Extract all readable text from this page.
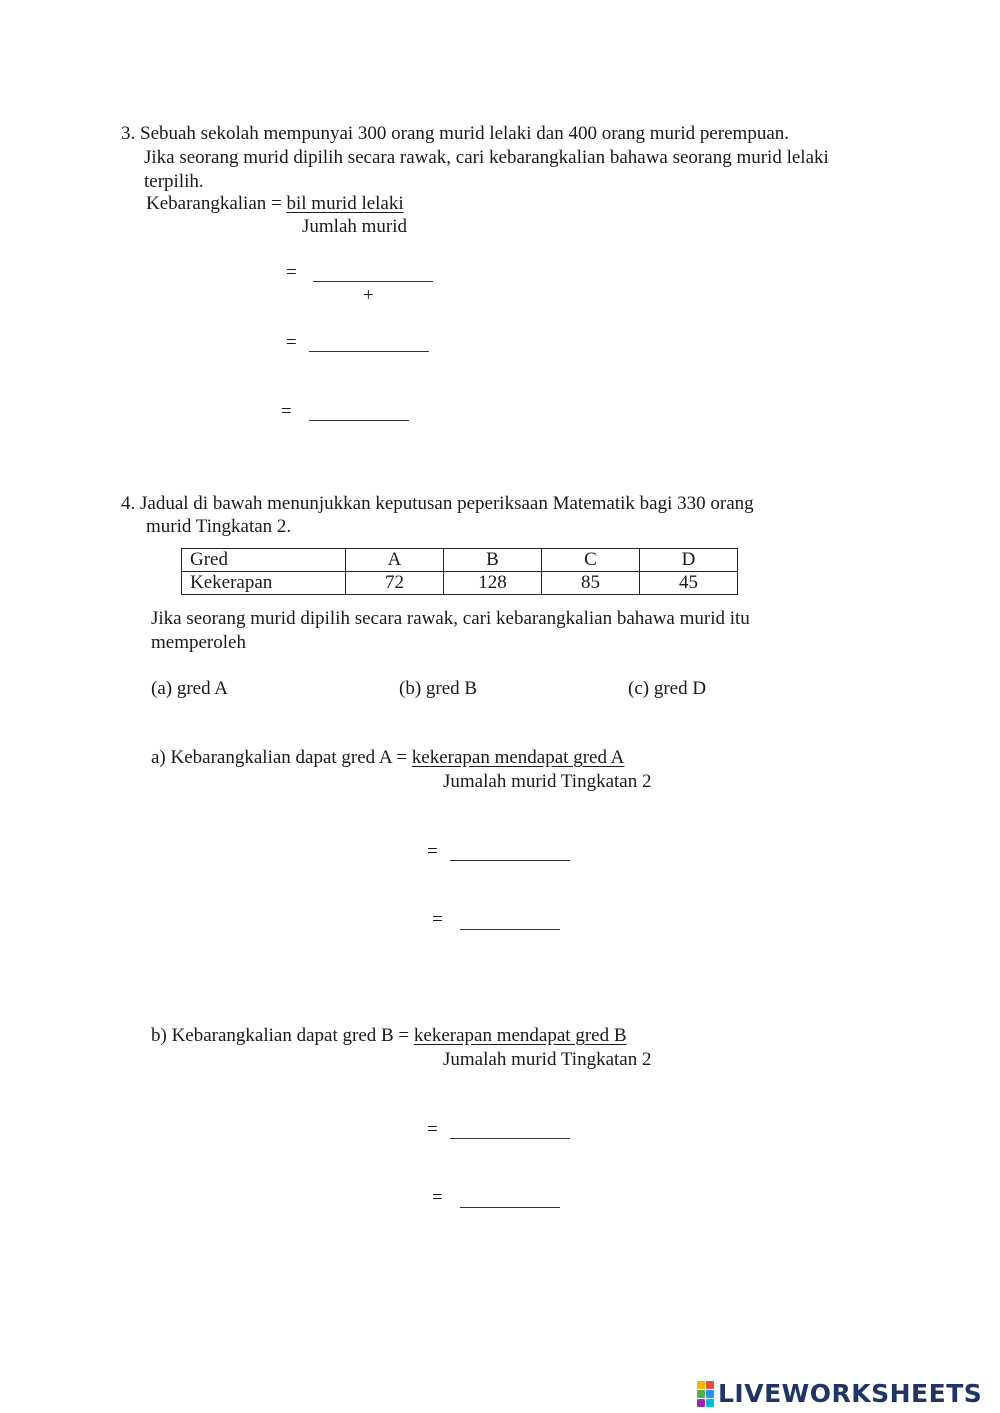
3. Sebuah sekolah mempunyai 300 orang murid lelaki dan 400 orang murid perempuan.
Jika seorang murid dipilih secara rawak, cari kebarangkalian bahawa seorang murid lelaki
terpilih.
Kebarangkalian = bil murid lelaki
Jumlah murid
=
+
=
=
4. Jadual di bawah menunjukkan keputusan peperiksaan Matematik bagi 330 orang
murid Tingkatan 2.
Gred	A	B	C	D
Kekerapan	72	128	85	45
Jika seorang murid dipilih secara rawak, cari kebarangkalian bahawa murid itu
memperoleh
(a) gred A	(b) gred B	(c) gred D
a) Kebarangkalian dapat gred A = kekerapan mendapat gred A
Jumalah murid Tingkatan 2
=
=
b) Kebarangkalian dapat gred B = kekerapan mendapat gred B
Jumalah murid Tingkatan 2
=
=
LIVEWORKSHEETS
